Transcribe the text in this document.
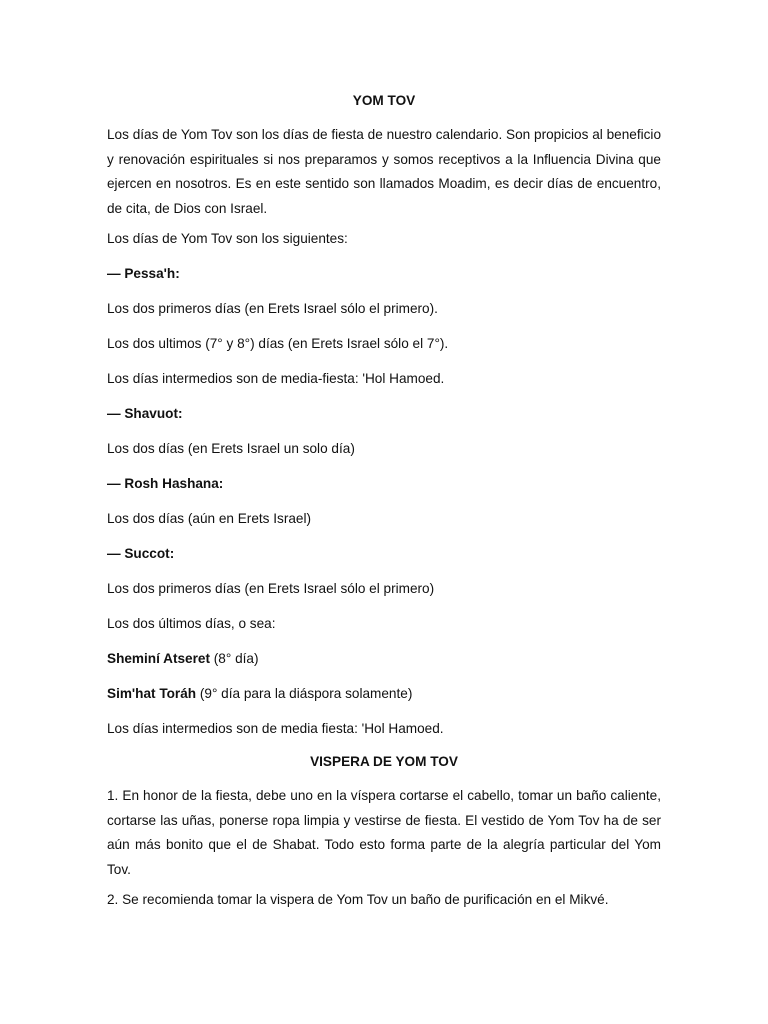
YOM TOV

Los días de Yom Tov son los días de fiesta de nuestro calendario. Son propicios al beneficio y renovación espirituales si nos preparamos y somos receptivos a la Influencia Divina que ejercen en nosotros. Es en este sentido son llamados Moadim, es decir días de encuentro, de cita, de Dios con Israel.

Los días de Yom Tov son los siguientes:

— Pessa'h:

Los dos primeros días (en Erets Israel sólo el primero).

Los dos ultimos (7° y 8°) días (en Erets Israel sólo el 7°).

Los días intermedios son de media-fiesta: 'Hol Hamoed.

— Shavuot:

Los dos días (en Erets Israel un solo día)

— Rosh Hashana:

Los dos días (aún en Erets Israel)

— Succot:

Los dos primeros días (en Erets Israel sólo el primero)

Los dos últimos días, o sea:

Sheminí Atseret (8° día)

Sim'hat Toráh (9° día para la diáspora solamente)

Los días intermedios son de media fiesta: 'Hol Hamoed.

VISPERA DE YOM TOV

1. En honor de la fiesta, debe uno en la víspera cortarse el cabello, tomar un baño caliente, cortarse las uñas, ponerse ropa limpia y vestirse de fiesta. El vestido de Yom Tov ha de ser aún más bonito que el de Shabat. Todo esto forma parte de la alegría particular del Yom Tov.

2. Se recomienda tomar la vispera de Yom Tov un baño de purificación en el Mikvé.
